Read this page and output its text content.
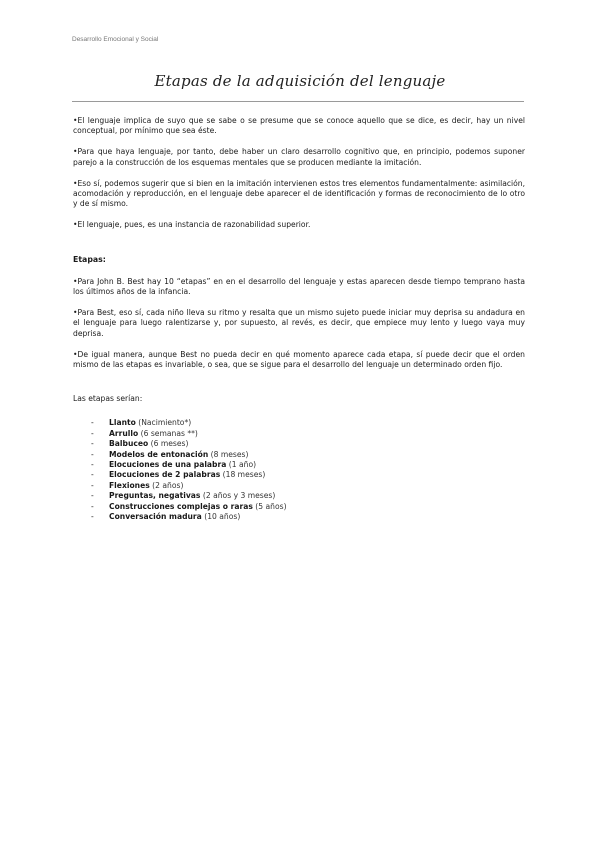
Desarrollo Emocional y Social
Etapas de la adquisición del lenguaje

•El lenguaje implica de suyo que se sabe o se presume que se conoce aquello que se dice, es decir, hay un nivel conceptual, por mínimo que sea éste.

•Para que haya lenguaje, por tanto, debe haber un claro desarrollo cognitivo que, en principio, podemos suponer parejo a la construcción de los esquemas mentales que se producen mediante la imitación.

•Eso sí, podemos sugerir que si bien en la imitación intervienen estos tres elementos fundamentalmente: asimilación, acomodación y reproducción, en el lenguaje debe aparecer el de identificación y formas de reconocimiento de lo otro y de sí mismo.

•El lenguaje, pues, es una instancia de razonabilidad superior.

Etapas:

•Para John B. Best hay 10 “etapas” en en el desarrollo del lenguaje y estas aparecen desde tiempo temprano hasta los últimos años de la infancia.

•Para Best, eso sí, cada niño lleva su ritmo y resalta que un mismo sujeto puede iniciar muy deprisa su andadura en el lenguaje para luego ralentizarse y, por supuesto, al revés, es decir, que empiece muy lento y luego vaya muy deprisa.

•De igual manera, aunque Best no pueda decir en qué momento aparece cada etapa, sí puede decir que el orden mismo de las etapas es invariable, o sea, que se sigue para el desarrollo del lenguaje un determinado orden fijo.

Las etapas serían:
-	Llanto (Nacimiento*)
-	Arrullo (6 semanas **)
-	Balbuceo (6 meses)
-	Modelos de entonación (8 meses)
-	Elocuciones de una palabra (1 año)
-	Elocuciones de 2 palabras (18 meses)
-	Flexiones (2 años)
-	Preguntas, negativas (2 años y 3 meses)
-	Construcciones complejas o raras (5 años)
-	Conversación madura (10 años)
